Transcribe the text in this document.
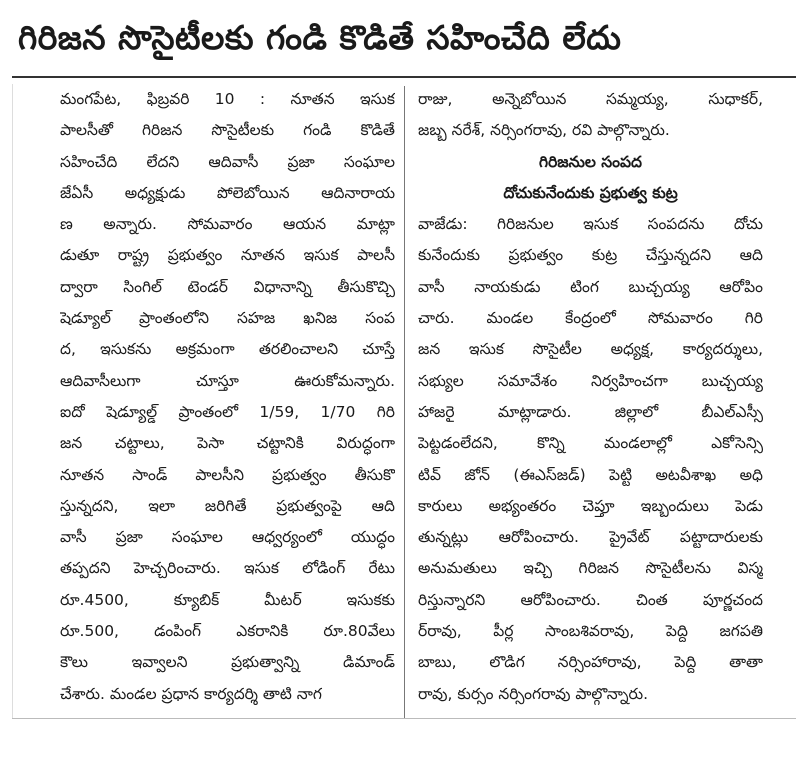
గిరిజన సొసైటీలకు గండి కొడితే సహించేది లేదు
మంగపేట, ఫిబ్రవరి 10 : నూతన ఇసుక
పాలసీతో గిరిజన సొసైటీలకు గండి కొడితే
సహించేది లేదని ఆదివాసీ ప్రజా సంఘాల
జేఏసీ అధ్యక్షుడు పోలెబోయిన ఆదినారాయ
ణ అన్నారు. సోమవారం ఆయన మాట్లా
డుతూ రాష్ట్ర ప్రభుత్వం నూతన ఇసుక పాలసీ
ద్వారా సింగిల్ టెండర్ విధానాన్ని తీసుకొచ్చి
షెడ్యూల్ ప్రాంతంలోని సహజ ఖనిజ సంప
ద, ఇసుకను అక్రమంగా తరలించాలని చూస్తే
ఆదివాసీలుగా చూస్తూ ఊరుకోమన్నారు.
ఐదో షెడ్యూల్డ్ ప్రాంతంలో 1/59, 1/70 గిరి
జన చట్టాలు, పెసా చట్టానికి విరుద్ధంగా
నూతన సాండ్ పాలసీని ప్రభుత్వం తీసుకొ
స్తున్నదని, ఇలా జరిగితే ప్రభుత్వంపై ఆది
వాసీ ప్రజా సంఘాల ఆధ్వర్యంలో యుద్ధం
తప్పదని హెచ్చరించారు. ఇసుక లోడింగ్ రేటు
రూ.4500, క్యూబిక్ మీటర్ ఇసుకకు
రూ.500, డంపింగ్ ఎకరానికి రూ.80వేలు
కౌలు ఇవ్వాలని ప్రభుత్వాన్ని డిమాండ్
చేశారు. మండల ప్రధాన కార్యదర్శి తాటి నాగ
రాజు, అన్నెబోయిన సమ్మయ్య, సుధాకర్,
జబ్బ నరేశ్, నర్సింగరావు, రవి పాల్గొన్నారు.
గిరిజనుల సంపద
దోచుకునేందుకు ప్రభుత్వ కుట్ర
వాజేడు: గిరిజనుల ఇసుక సంపదను దోచు
కునేందుకు ప్రభుత్వం కుట్ర చేస్తున్నదని ఆది
వాసీ నాయకుడు టింగ బుచ్చయ్య ఆరోపిం
చారు. మండల కేంద్రంలో సోమవారం గిరి
జన ఇసుక సొసైటీల అధ్యక్ష, కార్యదర్శులు,
సభ్యుల సమావేశం నిర్వహించగా బుచ్చయ్య
హాజరై మాట్లాడారు. జిల్లాలో బీఎల్ఎస్సీ
పెట్టడంలేదని, కొన్ని మండలాల్లో ఎకోసెన్సి
టివ్ జోన్ (ఈఎస్‌జడ్) పెట్టి అటవీశాఖ అధి
కారులు అభ్యంతరం చెప్తూ ఇబ్బందులు పెడు
తున్నట్లు ఆరోపించారు. ప్రైవేట్ పట్టాదారులకు
అనుమతులు ఇచ్చి గిరిజన సొసైటీలను విస్మ
రిస్తున్నారని ఆరోపించారు. చింత పూర్ణచంద
ర్‌రావు, పీర్ల సాంబశివరావు, పెద్ది జగపతి
బాబు, లొడిగ నర్సింహారావు, పెద్ది తాతా
రావు, కుర్సం నర్సింగరావు పాల్గొన్నారు.
